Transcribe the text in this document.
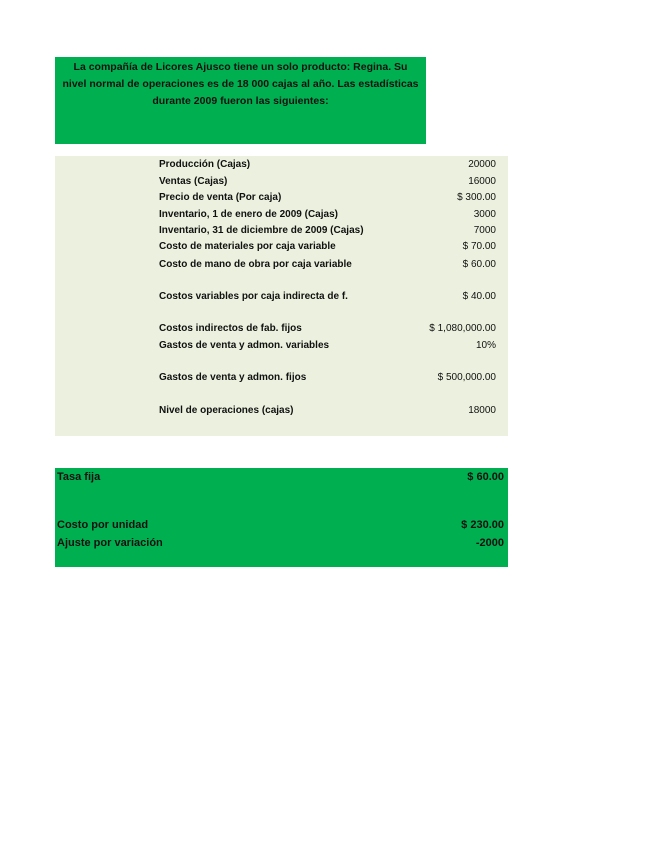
La compañía de Licores Ajusco tiene un solo producto: Regina. Su nivel normal de operaciones es de 18 000 cajas al año. Las estadísticas durante 2009 fueron las siguientes:
Producción (Cajas)	20000
Ventas (Cajas)	16000
Precio de venta (Por caja)	$ 300.00
Inventario, 1 de enero de 2009 (Cajas)	3000
Inventario, 31 de diciembre de 2009 (Cajas)	7000
Costo de materiales por caja variable	$ 70.00
Costo de mano de obra por caja variable	$ 60.00
Costos variables por caja indirecta de f.	$ 40.00
Costos indirectos de fab. fijos	$ 1,080,000.00
Gastos de venta y admon. variables	10%
Gastos de venta y admon. fijos	$ 500,000.00
Nivel de operaciones (cajas)	18000
Tasa fija	$ 60.00
Costo por unidad	$ 230.00
Ajuste por variación	-2000
